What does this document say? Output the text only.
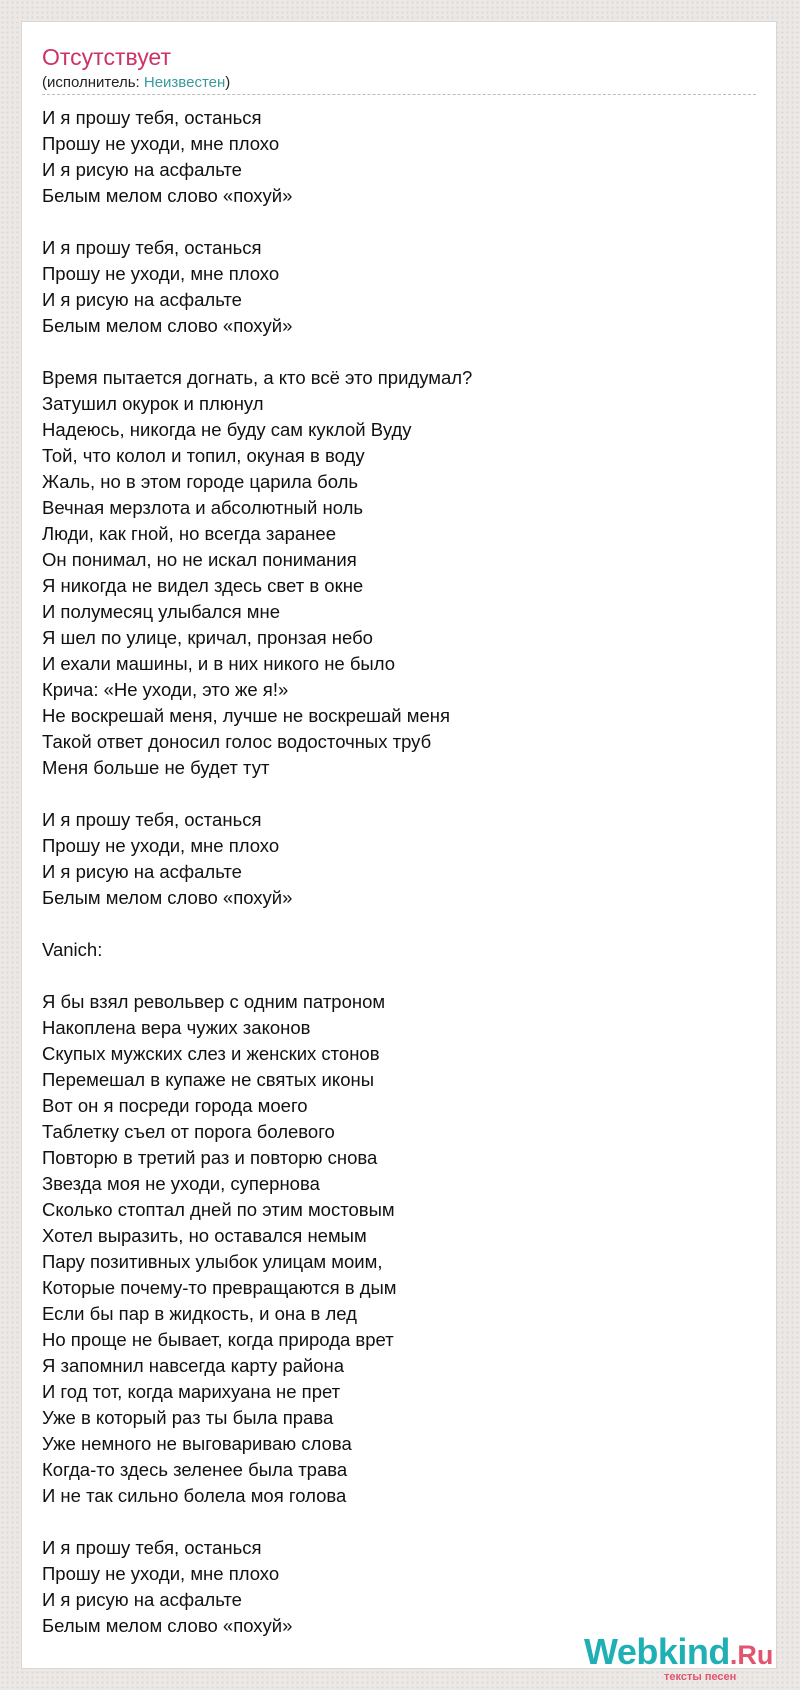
Отсутствует
(исполнитель: Неизвестен)
И я прошу тебя, останься
Прошу не уходи, мне плохо
И я рисую на асфальте
Белым мелом слово «похуй»
И я прошу тебя, останься
Прошу не уходи, мне плохо
И я рисую на асфальте
Белым мелом слово «похуй»
Время пытается догнать, а кто всё это придумал?
Затушил окурок и плюнул
Надеюсь, никогда не буду сам куклой Вуду
Той, что колол и топил, окуная в воду
Жаль, но в этом городе царила боль
Вечная мерзлота и абсолютный ноль
Люди, как гной, но всегда заранее
Он понимал, но не искал понимания
Я никогда не видел здесь свет в окне
И полумесяц улыбался мне
Я шел по улице, кричал, пронзая небо
И ехали машины, и в них никого не было
Крича: «Не уходи, это же я!»
Не воскрешай меня, лучше не воскрешай меня
Такой ответ доносил голос водосточных труб
Меня больше не будет тут
И я прошу тебя, останься
Прошу не уходи, мне плохо
И я рисую на асфальте
Белым мелом слово «похуй»
Vanich:
Я бы взял револьвер с одним патроном
Накоплена вера чужих законов
Скупых мужских слез и женских стонов
Перемешал в купаже не святых иконы
Вот он я посреди города моего
Таблетку съел от порога болевого
Повторю в третий раз и повторю снова
Звезда моя не уходи, супернова
Сколько стоптал дней по этим мостовым
Хотел выразить, но оставался немым
Пару позитивных улыбок улицам моим,
Которые почему-то превращаются в дым
Если бы пар в жидкость, и она в лед
Но проще не бывает, когда природа врет
Я запомнил навсегда карту района
И год тот, когда марихуана не прет
Уже в который раз ты была права
Уже немного не выговариваю слова
Когда-то здесь зеленее была трава
И не так сильно болела моя голова
И я прошу тебя, останься
Прошу не уходи, мне плохо
И я рисую на асфальте
Белым мелом слово «похуй»
Webkind.Ru
тексты песен
